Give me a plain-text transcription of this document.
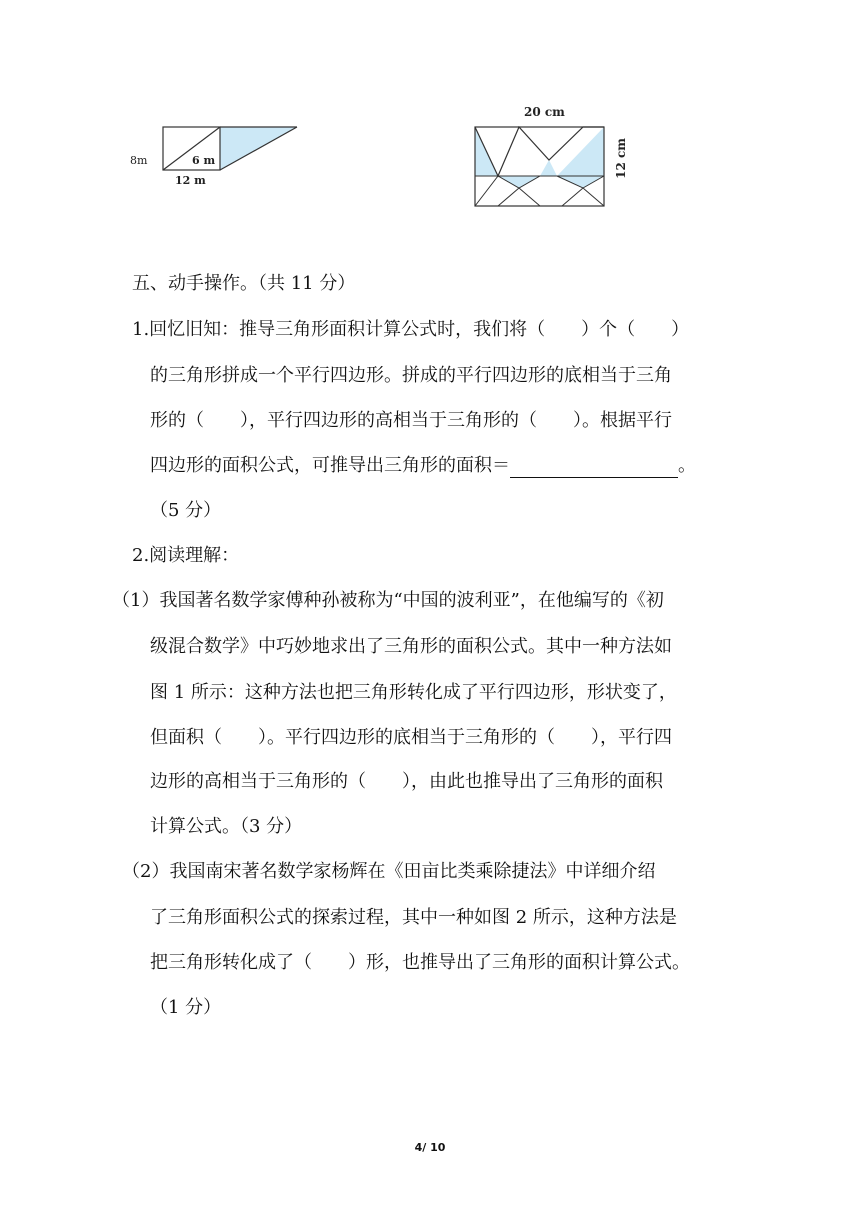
8m	6 m
12 m
20 cm
12 cm
五、动手操作。（共 11 分）
1.回忆旧知：推导三角形面积计算公式时，我们将（　　）个（　　）
的三角形拼成一个平行四边形。拼成的平行四边形的底相当于三角
形的（　　），平行四边形的高相当于三角形的（　　）。根据平行
四边形的面积公式，可推导出三角形的面积＝	。
（5 分）
2.阅读理解：
（1）我国著名数学家傅种孙被称为“中国的波利亚”，在他编写的《初
级混合数学》中巧妙地求出了三角形的面积公式。其中一种方法如
图 1 所示：这种方法也把三角形转化成了平行四边形，形状变了，
但面积（　　）。平行四边形的底相当于三角形的（　　），平行四
边形的高相当于三角形的（　　），由此也推导出了三角形的面积
计算公式。（3 分）
（2）我国南宋著名数学家杨辉在《田亩比类乘除捷法》中详细介绍
了三角形面积公式的探索过程，其中一种如图 2 所示，这种方法是
把三角形转化成了（　　）形，也推导出了三角形的面积计算公式。
（1 分）
4/ 10
